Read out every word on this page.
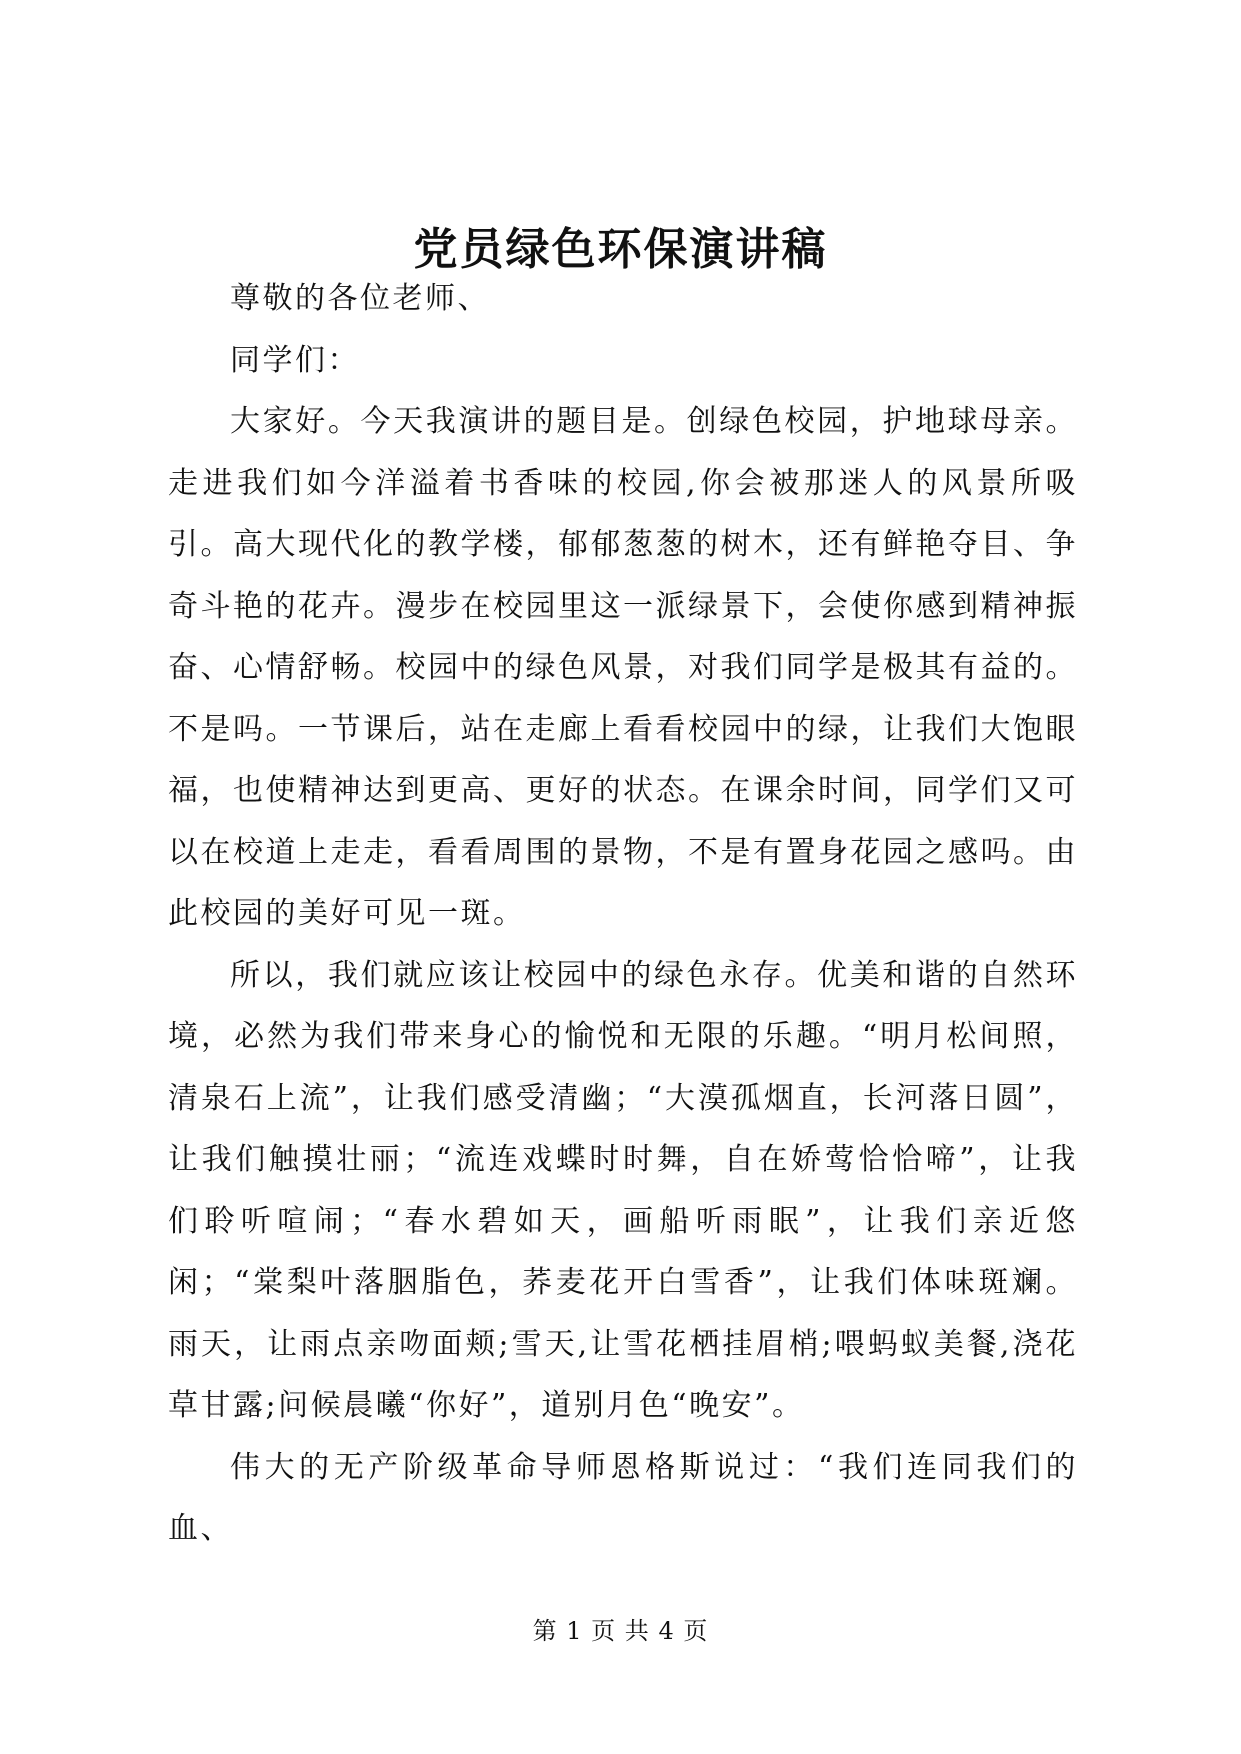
党员绿色环保演讲稿

尊敬的各位老师、

同学们：

大家好。今天我演讲的题目是。创绿色校园，护地球母亲。走进我们如今洋溢着书香味的校园,你会被那迷人的风景所吸引。高大现代化的教学楼，郁郁葱葱的树木，还有鲜艳夺目、争奇斗艳的花卉。漫步在校园里这一派绿景下，会使你感到精神振奋、心情舒畅。校园中的绿色风景，对我们同学是极其有益的。不是吗。一节课后，站在走廊上看看校园中的绿，让我们大饱眼福，也使精神达到更高、更好的状态。在课余时间，同学们又可以在校道上走走，看看周围的景物，不是有置身花园之感吗。由此校园的美好可见一斑。

所以，我们就应该让校园中的绿色永存。优美和谐的自然环境，必然为我们带来身心的愉悦和无限的乐趣。“明月松间照，清泉石上流”，让我们感受清幽；“大漠孤烟直，长河落日圆”，让我们触摸壮丽；“流连戏蝶时时舞，自在娇莺恰恰啼”，让我们聆听喧闹；“春水碧如天，画船听雨眠”，让我们亲近悠闲；“棠梨叶落胭脂色，荞麦花开白雪香”，让我们体味斑斓。雨天，让雨点亲吻面颊;雪天,让雪花栖挂眉梢;喂蚂蚁美餐,浇花草甘露;问候晨曦“你好”，道别月色“晚安”。

伟大的无产阶级革命导师恩格斯说过：“我们连同我们的血、

第 1 页 共 4 页
